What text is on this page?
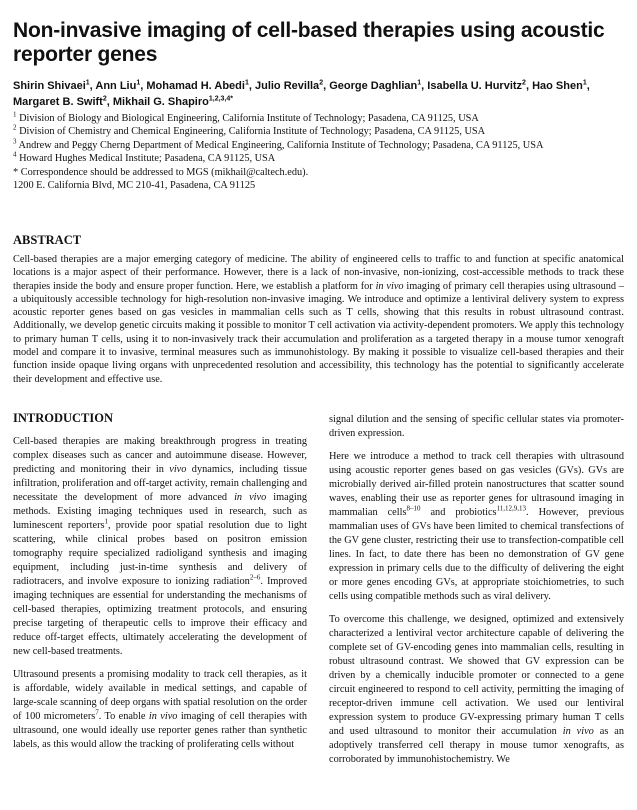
Non-invasive imaging of cell-based therapies using acoustic reporter genes

Shirin Shivaei$^1$, Ann Liu$^1$, Mohamad H. Abedi$^1$, Julio Revilla$^2$, George Daghlian$^1$, Isabella U. Hurvitz$^2$, Hao Shen$^1$, Margaret B. Swift$^2$, Mikhail G. Shapiro$^{1,2,3,4*}$

$^1$ Division of Biology and Biological Engineering, California Institute of Technology; Pasadena, CA 91125, USA
$^2$ Division of Chemistry and Chemical Engineering, California Institute of Technology; Pasadena, CA 91125, USA
$^3$ Andrew and Peggy Cherng Department of Medical Engineering, California Institute of Technology; Pasadena, CA 91125, USA
$^4$ Howard Hughes Medical Institute; Pasadena, CA 91125, USA
* Correspondence should be addressed to MGS (mikhail@caltech.edu).
1200 E. California Blvd, MC 210-41, Pasadena, CA 91125
ABSTRACT

Cell-based therapies are a major emerging category of medicine. The ability of engineered cells to traffic to and function at specific anatomical locations is a major aspect of their performance. However, there is a lack of non-invasive, non-ionizing, cost-accessible methods to track these therapies inside the body and ensure proper function. Here, we establish a platform for in vivo imaging of primary cell therapies using ultrasound – a ubiquitously accessible technology for high-resolution non-invasive imaging. We introduce and optimize a lentiviral delivery system to express acoustic reporter genes based on gas vesicles in mammalian cells such as T cells, showing that this results in robust ultrasound contrast. Additionally, we develop genetic circuits making it possible to monitor T cell activation via activity-dependent promoters. We apply this technology to primary human T cells, using it to non-invasively track their accumulation and proliferation as a targeted therapy in a mouse tumor xenograft model and compare it to invasive, terminal measures such as immunohistology. By making it possible to visualize cell-based therapies and their function inside opaque living organs with unprecedented resolution and accessibility, this technology has the potential to significantly accelerate their development and effective use.

INTRODUCTION

Cell-based therapies are making breakthrough progress in treating complex diseases such as cancer and autoimmune disease. However, predicting and monitoring their in vivo dynamics, including tissue infiltration, proliferation and off-target activity, remain challenging and necessitate the development of more advanced in vivo imaging methods. Existing imaging techniques used in research, such as luminescent reporters$^1$, provide poor spatial resolution due to light scattering, while clinical probes based on positron emission tomography require specialized radioligand synthesis and imaging equipment, including just-in-time synthesis and delivery of radiotracers, and involve exposure to ionizing radiation$^{2-6}$. Improved imaging techniques are essential for understanding the mechanisms of cell-based therapies, optimizing treatment protocols, and ensuring precise targeting of therapeutic cells to improve their efficacy and reduce off-target effects, ultimately accelerating the development of new cell-based treatments.

Ultrasound presents a promising modality to track cell therapies, as it is affordable, widely available in medical settings, and capable of large-scale scanning of deep organs with spatial resolution on the order of 100 micrometers$^7$. To enable in vivo imaging of cell therapies with ultrasound, one would ideally use reporter genes rather than synthetic labels, as this would allow the tracking of proliferating cells without

signal dilution and the sensing of specific cellular states via promoter-driven expression.

Here we introduce a method to track cell therapies with ultrasound using acoustic reporter genes based on gas vesicles (GVs). GVs are microbially derived air-filled protein nanostructures that scatter sound waves, enabling their use as reporter genes for ultrasound imaging in mammalian cells$^{8-10}$ and probiotics$^{11,12,9,13}$. However, previous mammalian uses of GVs have been limited to chemical transfections of the GV gene cluster, restricting their use to transfection-compatible cell lines. In fact, to date there has been no demonstration of GV gene expression in primary cells due to the difficulty of delivering the eight or more genes encoding GVs, at appropriate stoichiometries, to such cells using compatible methods such as viral delivery.

To overcome this challenge, we designed, optimized and extensively characterized a lentiviral vector architecture capable of delivering the complete set of GV-encoding genes into mammalian cells, resulting in robust ultrasound contrast. We showed that GV expression can be driven by a chemically inducible promoter or connected to a gene circuit engineered to respond to cell activity, permitting the imaging of receptor-driven immune cell activation. We used our lentiviral expression system to produce GV-expressing primary human T cells and used ultrasound to monitor their accumulation in vivo as an adoptively transferred cell therapy in mouse tumor xenografts, as corroborated by immunohistochemistry. We
